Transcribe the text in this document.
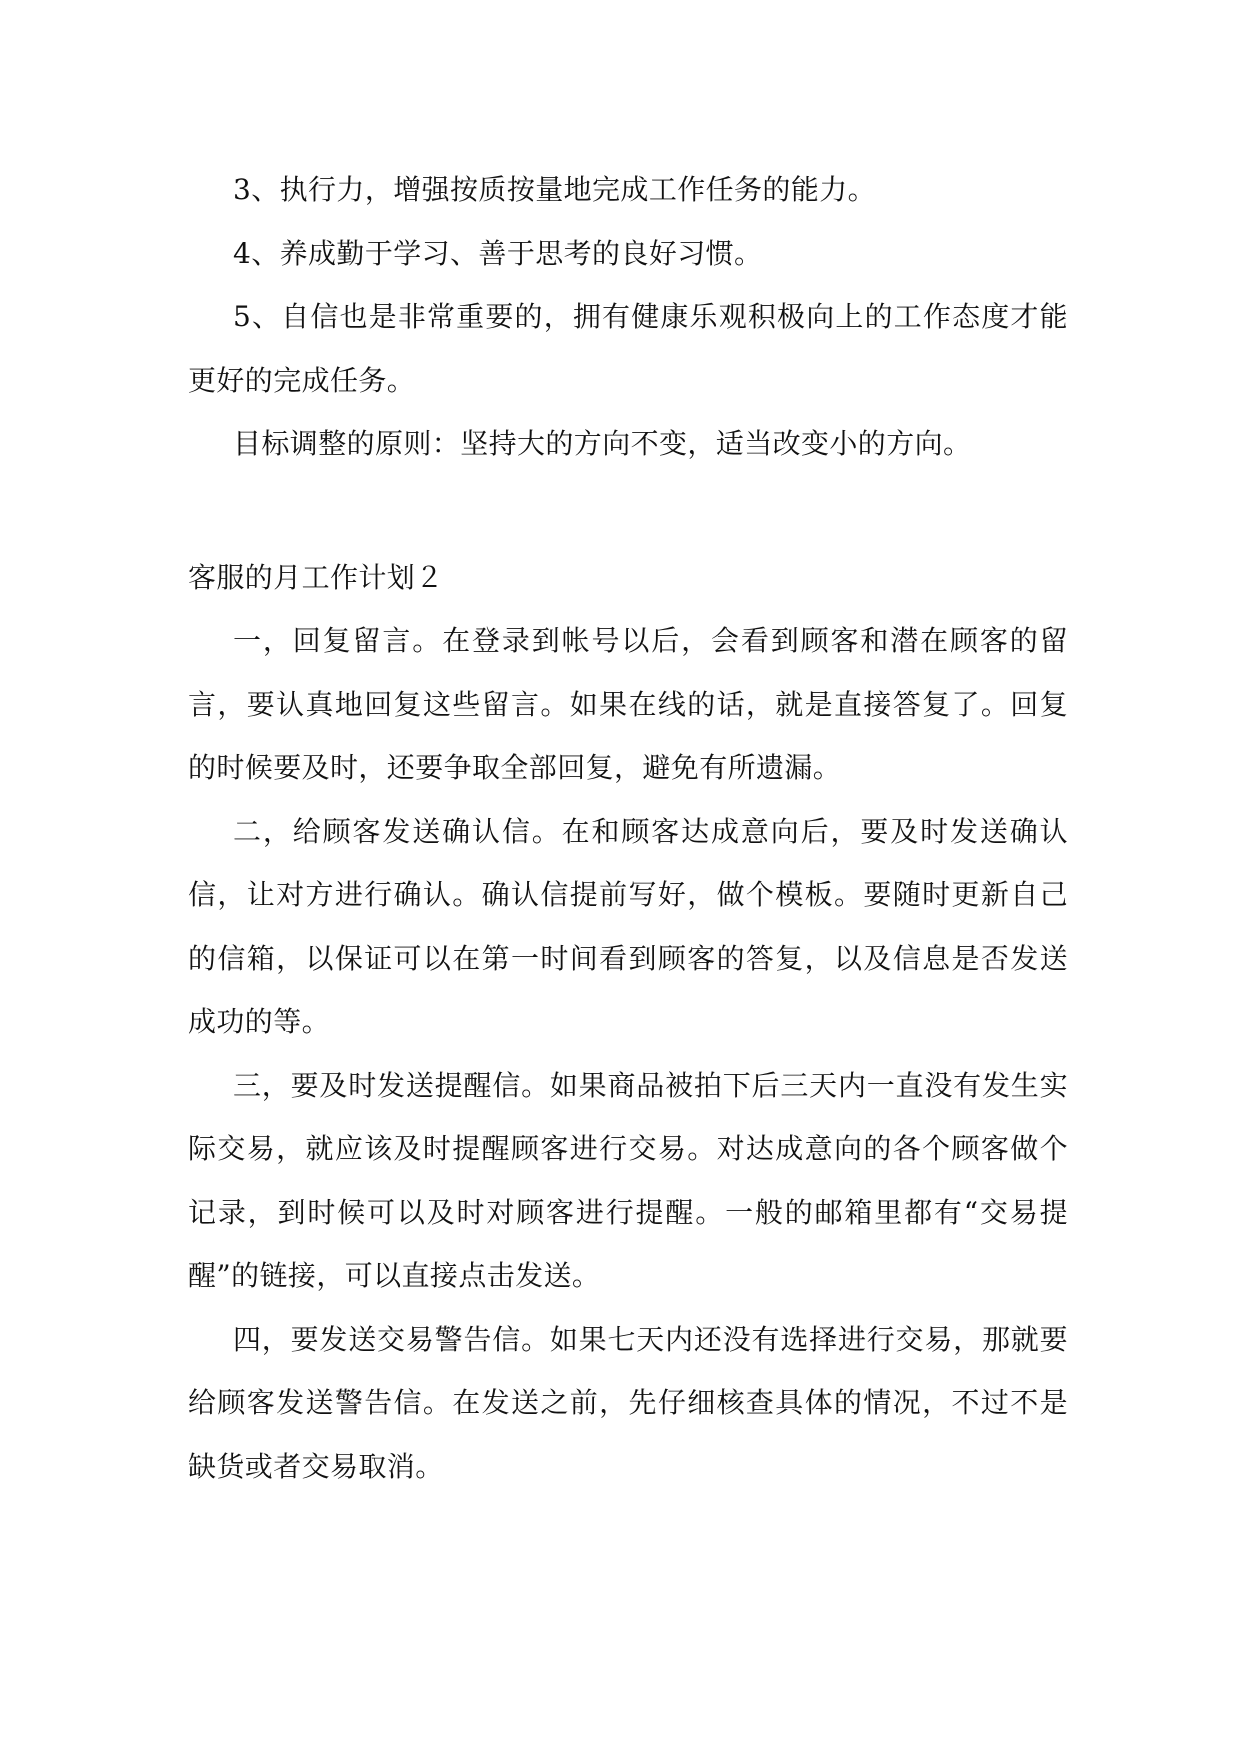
3、执行力，增强按质按量地完成工作任务的能力。

4、养成勤于学习、善于思考的良好习惯。

5、自信也是非常重要的，拥有健康乐观积极向上的工作态度才能更好的完成任务。

目标调整的原则：坚持大的方向不变，适当改变小的方向。

客服的月工作计划２

一，回复留言。在登录到帐号以后，会看到顾客和潜在顾客的留言，要认真地回复这些留言。如果在线的话，就是直接答复了。回复的时候要及时，还要争取全部回复，避免有所遗漏。

二，给顾客发送确认信。在和顾客达成意向后，要及时发送确认信，让对方进行确认。确认信提前写好，做个模板。要随时更新自己的信箱，以保证可以在第一时间看到顾客的答复，以及信息是否发送成功的等。

三，要及时发送提醒信。如果商品被拍下后三天内一直没有发生实际交易，就应该及时提醒顾客进行交易。对达成意向的各个顾客做个记录，到时候可以及时对顾客进行提醒。一般的邮箱里都有“交易提醒”的链接，可以直接点击发送。

四，要发送交易警告信。如果七天内还没有选择进行交易，那就要给顾客发送警告信。在发送之前，先仔细核查具体的情况，不过不是缺货或者交易取消。
